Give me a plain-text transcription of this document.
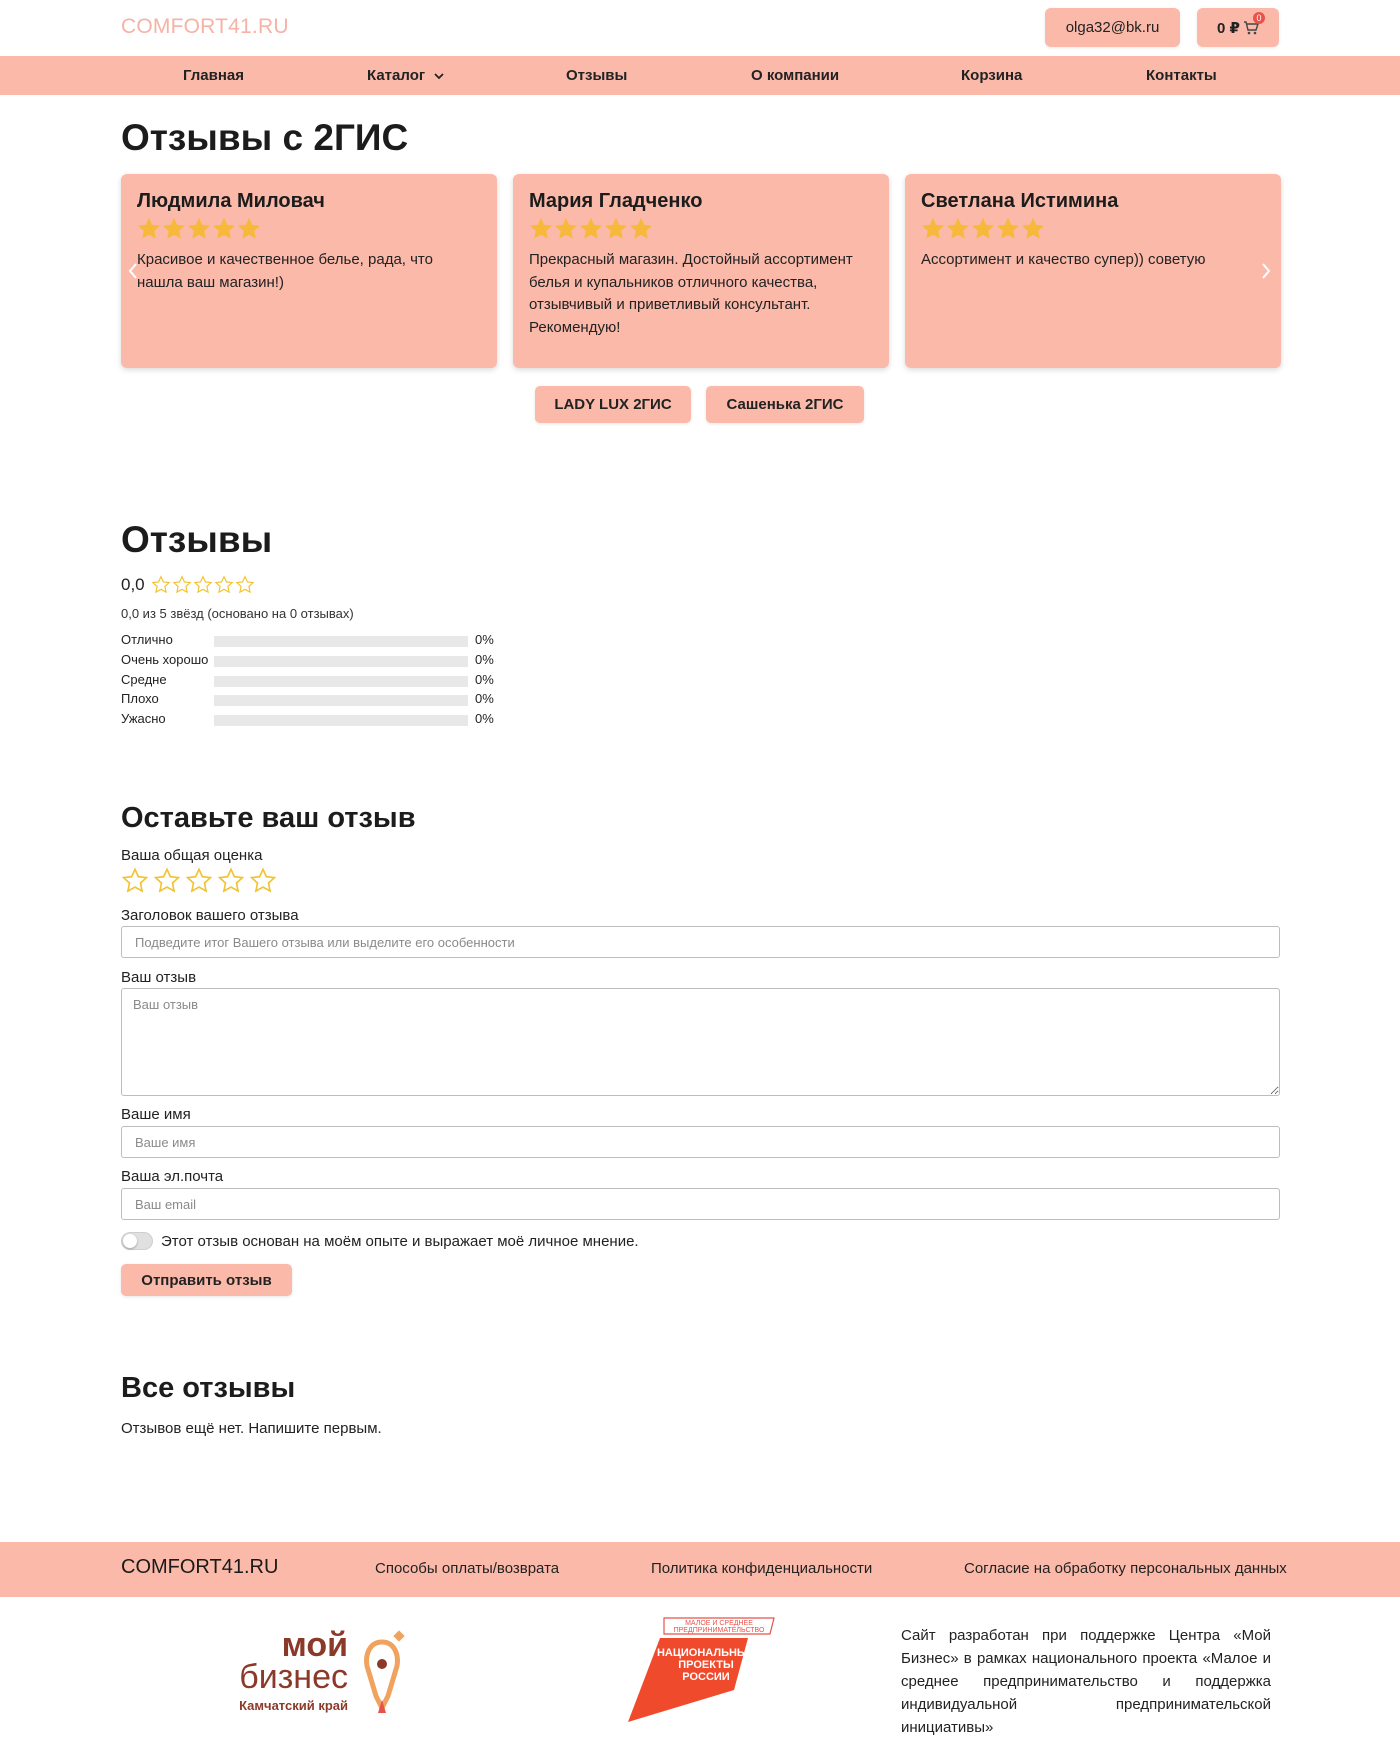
COMFORT41.RU	olga32@bk.ru	0 ₽
0
Главная	Каталог	Отзывы	О компании	Корзина	Контакты
Отзывы с 2ГИС
Людмила Миловач
Красивое и качественное белье, рада, что нашла ваш магазин!)
Мария Гладченко
Прекрасный магазин. Достойный ассортимент белья и купальников отличного качества, отзывчивый и приветливый консультант. Рекомендую!
Светлана Истимина
Ассортимент и качество супер)) советую
LADY LUX 2ГИС	Сашенька 2ГИС
Отзывы
0,0
0,0 из 5 звёзд (основано на 0 отзывах)
Отлично	0%
Очень хорошо	0%
Средне	0%
Плохо	0%
Ужасно	0%
Оставьте ваш отзыв
Ваша общая оценка
Заголовок вашего отзыва
Подведите итог Вашего отзыва или выделите его особенности
Ваш отзыв
Ваш отзыв
Ваше имя
Ваше имя
Ваша эл.почта
Ваш email
Этот отзыв основан на моём опыте и выражает моё личное мнение.
Отправить отзыв
Все отзывы
Отзывов ещё нет. Напишите первым.
COMFORT41.RU	Способы оплаты/возврата	Политика конфиденциальности	Согласие на обработку персональных данных
мой
бизнес
Камчатский край
МАЛОЕ И СРЕДНЕЕ
ПРЕДПРИНИМАТЕЛЬСТВО
НАЦИОНАЛЬНЫЕ
ПРОЕКТЫ
РОССИИ
Сайт разработан при поддержке Центра «Мой Бизнес» в рамках национального проекта «Малое и среднее предпринимательство и поддержка индивидуальной предпринимательской инициативы»
